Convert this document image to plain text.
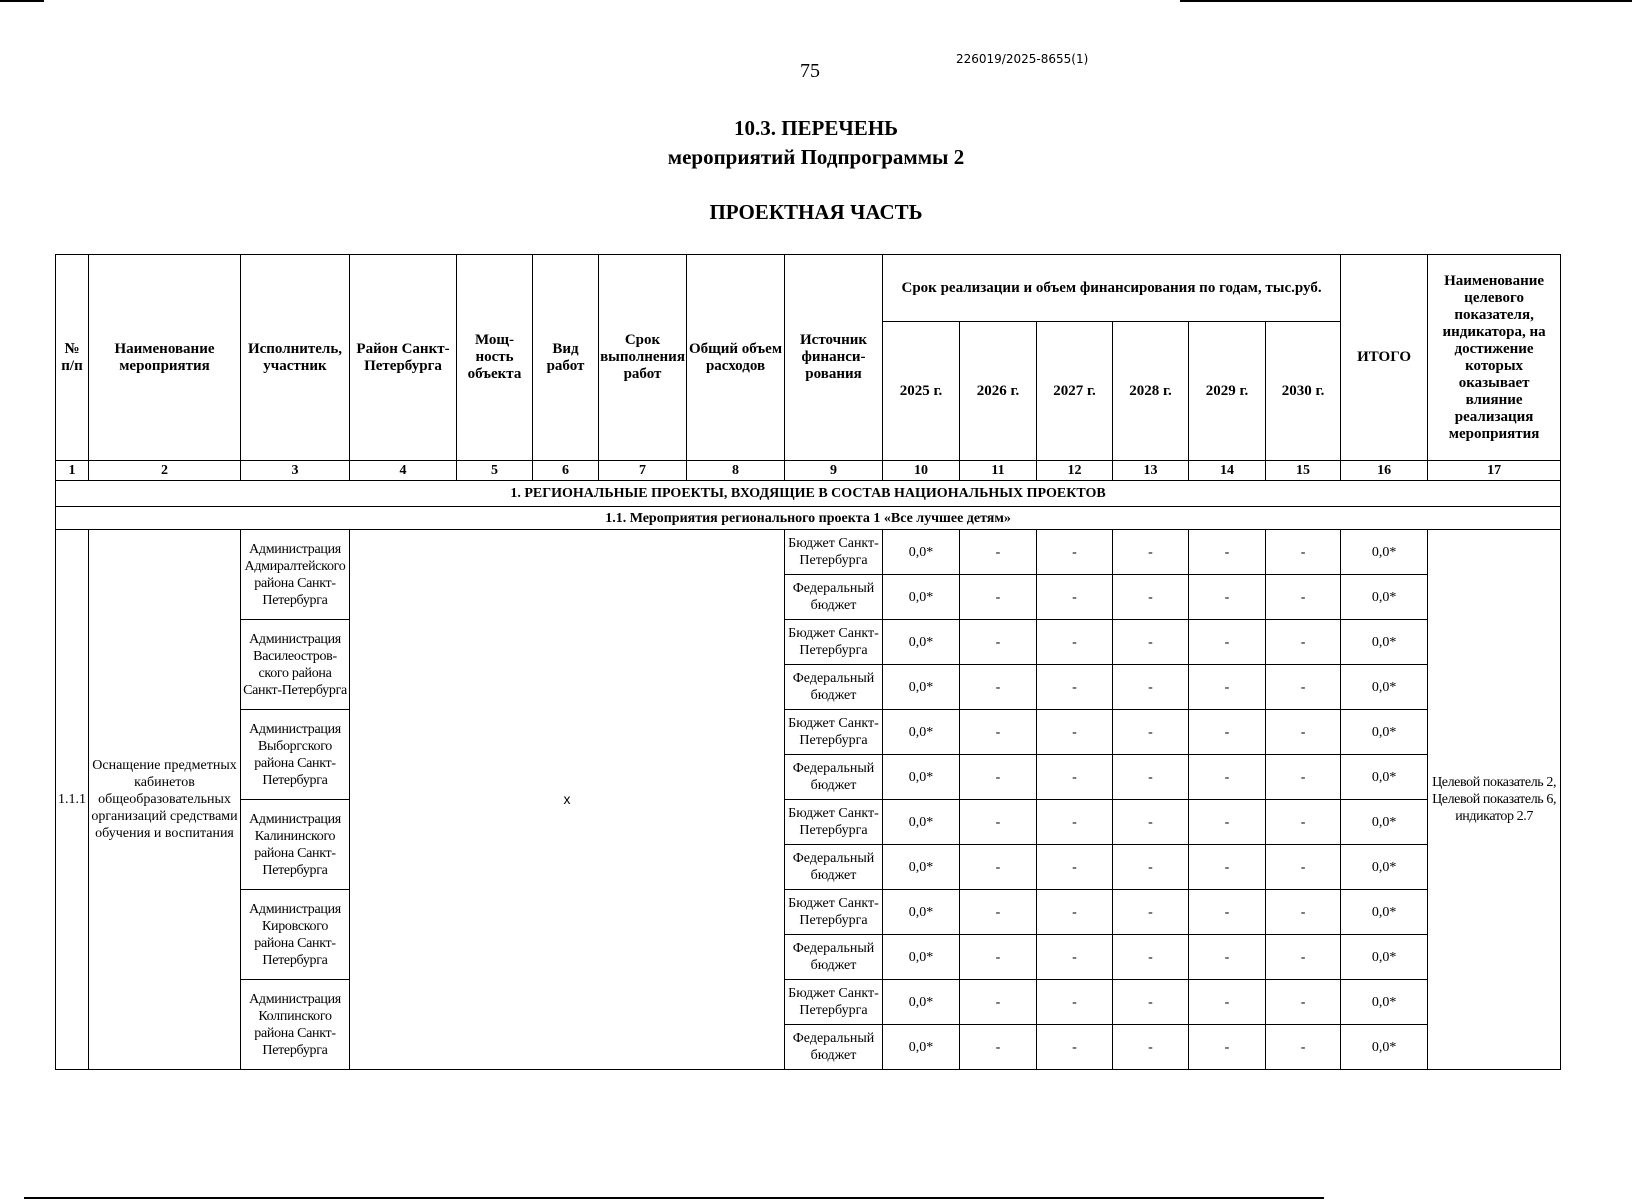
75
226019/2025-8655(1)
10.3. ПЕРЕЧЕНЬ
мероприятий Подпрограммы 2
ПРОЕКТНАЯ ЧАСТЬ
№ п/п	Наименование мероприятия	Исполнитель, участник	Район Санкт-Петербурга	Мощ-ность объекта	Вид работ	Срок выполнения работ	Общий объем расходов	Источник финанси-рования	Срок реализации и объем финансирования по годам, тыс.руб.						ИТОГО	Наименование целевого показателя, индикатора, на достижение которых оказывает влияние реализация мероприятия
									2025 г.	2026 г.	2027 г.	2028 г.	2029 г.	2030 г.		
1	2	3	4	5	6	7	8	9	10	11	12	13	14	15	16	17
1. РЕГИОНАЛЬНЫЕ ПРОЕКТЫ, ВХОДЯЩИЕ В СОСТАВ НАЦИОНАЛЬНЫХ ПРОЕКТОВ																
1.1. Мероприятия регионального проекта 1 «Все лучшее детям»																
1.1.1	Оснащение предметных кабинетов общеобразовательных организаций средствами обучения и воспитания	Администрация Адмиралтейского района Санкт-Петербурга	х					Бюджет Санкт-Петербурга	0,0*	-	-	-	-	-	0,0*	Целевой показатель 2, Целевой показатель 6, индикатор 2.7
								Федеральный бюджет	0,0*	-	-	-	-	-	0,0*	
		Администрация Василеостров-ского района Санкт-Петербурга						Бюджет Санкт-Петербурга	0,0*	-	-	-	-	-	0,0*	
								Федеральный бюджет	0,0*	-	-	-	-	-	0,0*	
		Администрация Выборгского района Санкт-Петербурга						Бюджет Санкт-Петербурга	0,0*	-	-	-	-	-	0,0*	
								Федеральный бюджет	0,0*	-	-	-	-	-	0,0*	
		Администрация Калининского района Санкт-Петербурга						Бюджет Санкт-Петербурга	0,0*	-	-	-	-	-	0,0*	
								Федеральный бюджет	0,0*	-	-	-	-	-	0,0*	
		Администрация Кировского района Санкт-Петербурга						Бюджет Санкт-Петербурга	0,0*	-	-	-	-	-	0,0*	
								Федеральный бюджет	0,0*	-	-	-	-	-	0,0*	
		Администрация Колпинского района Санкт-Петербурга						Бюджет Санкт-Петербурга	0,0*	-	-	-	-	-	0,0*	
								Федеральный бюджет	0,0*	-	-	-	-	-	0,0*	
